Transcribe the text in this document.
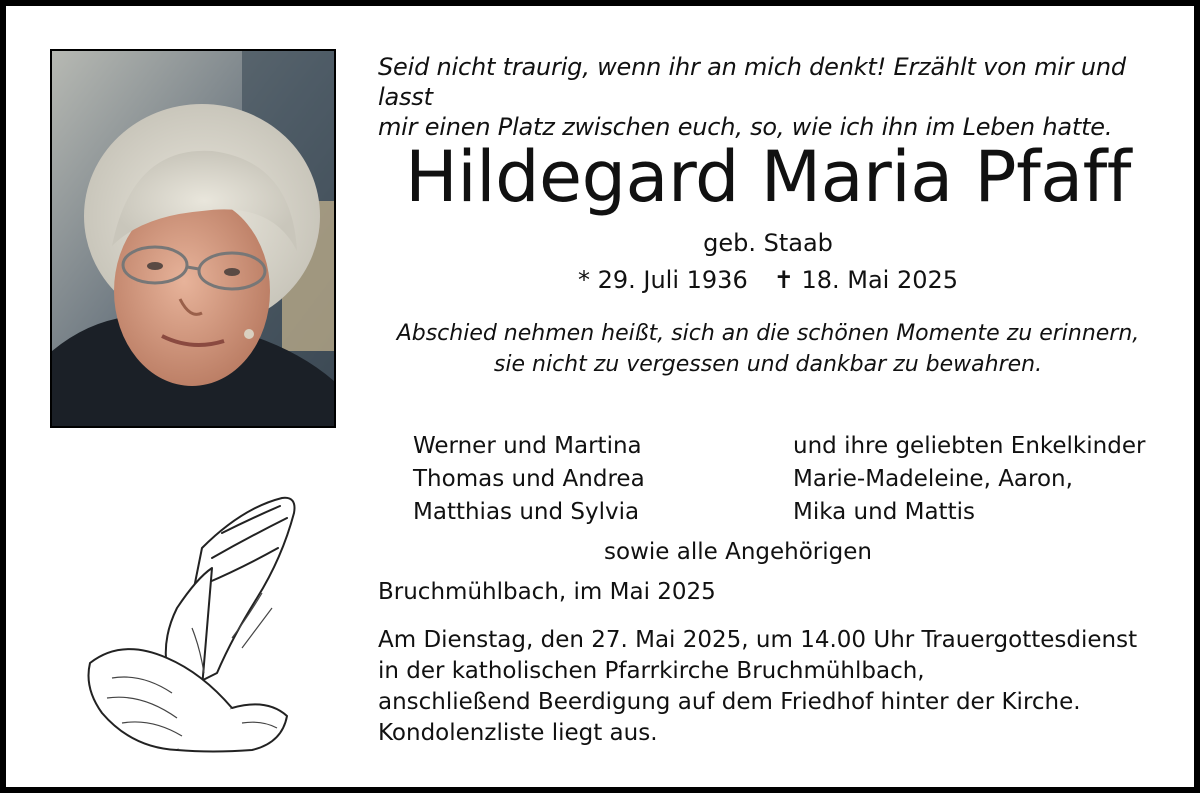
Seid nicht traurig, wenn ihr an mich denkt! Erzählt von mir und lasst
mir einen Platz zwischen euch, so, wie ich ihn im Leben hatte.
Hildegard Maria Pfaff
geb. Staab
* 29. Juli 1936 ✝ 18. Mai 2025
Abschied nehmen heißt, sich an die schönen Momente zu erinnern,
sie nicht zu vergessen und dankbar zu bewahren.
Werner und Martina
Thomas und Andrea
Matthias und Sylvia
und ihre geliebten Enkelkinder
Marie-Madeleine, Aaron,
Mika und Mattis
sowie alle Angehörigen
Bruchmühlbach, im Mai 2025
Am Dienstag, den 27. Mai 2025, um 14.00 Uhr Trauergottesdienst
in der katholischen Pfarrkirche Bruchmühlbach,
anschließend Beerdigung auf dem Friedhof hinter der Kirche.
Kondolenzliste liegt aus.
